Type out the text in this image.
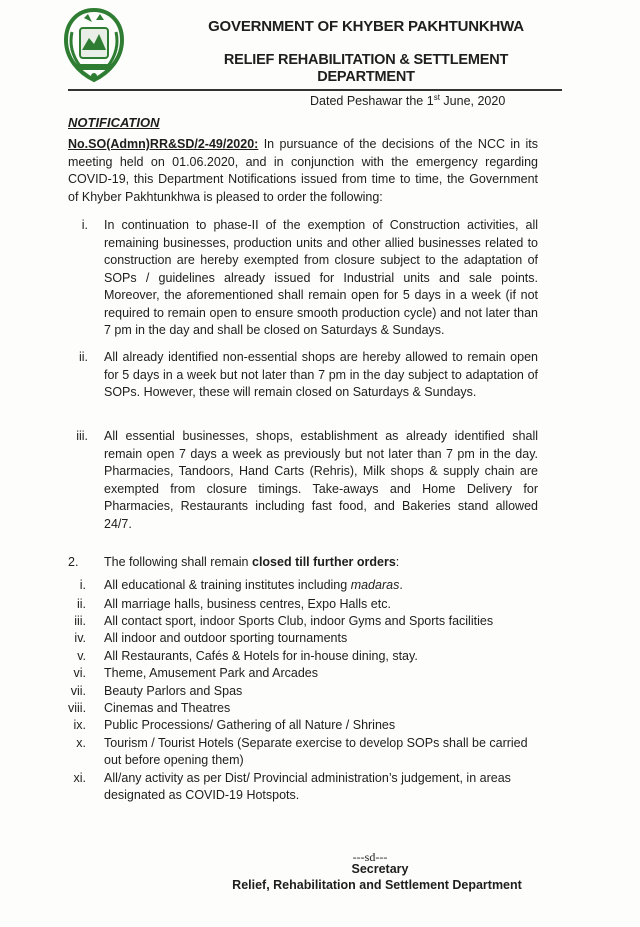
GOVERNMENT OF KHYBER PAKHTUNKHWA
RELIEF REHABILITATION & SETTLEMENT
DEPARTMENT
Dated Peshawar the 1st June, 2020
NOTIFICATION
No.SO(Admn)RR&SD/2-49/2020: In pursuance of the decisions of the NCC in its meeting held on 01.06.2020, and in conjunction with the emergency regarding COVID-19, this Department Notifications issued from time to time, the Government of Khyber Pakhtunkhwa is pleased to order the following:
i. In continuation to phase-II of the exemption of Construction activities, all remaining businesses, production units and other allied businesses related to construction are hereby exempted from closure subject to the adaptation of SOPs / guidelines already issued for Industrial units and sale points. Moreover, the aforementioned shall remain open for 5 days in a week (if not required to remain open to ensure smooth production cycle) and not later than 7 pm in the day and shall be closed on Saturdays & Sundays.
ii. All already identified non-essential shops are hereby allowed to remain open for 5 days in a week but not later than 7 pm in the day subject to adaptation of SOPs. However, these will remain closed on Saturdays & Sundays.
iii. All essential businesses, shops, establishment as already identified shall remain open 7 days a week as previously but not later than 7 pm in the day. Pharmacies, Tandoors, Hand Carts (Rehris), Milk shops & supply chain are exempted from closure timings. Take-aways and Home Delivery for Pharmacies, Restaurants including fast food, and Bakeries stand allowed 24/7.
2. The following shall remain closed till further orders:
i. All educational & training institutes including madaras.
ii. All marriage halls, business centres, Expo Halls etc.
iii. All contact sport, indoor Sports Club, indoor Gyms and Sports facilities
iv. All indoor and outdoor sporting tournaments
v. All Restaurants, Cafés & Hotels for in-house dining, stay.
vi. Theme, Amusement Park and Arcades
vii. Beauty Parlors and Spas
viii. Cinemas and Theatres
ix. Public Processions/ Gathering of all Nature / Shrines
x. Tourism / Tourist Hotels (Separate exercise to develop SOPs shall be carried out before opening them)
xi. All/any activity as per Dist/ Provincial administration’s judgement, in areas designated as COVID-19 Hotspots.
---sd---
Secretary
Relief, Rehabilitation and Settlement Department
